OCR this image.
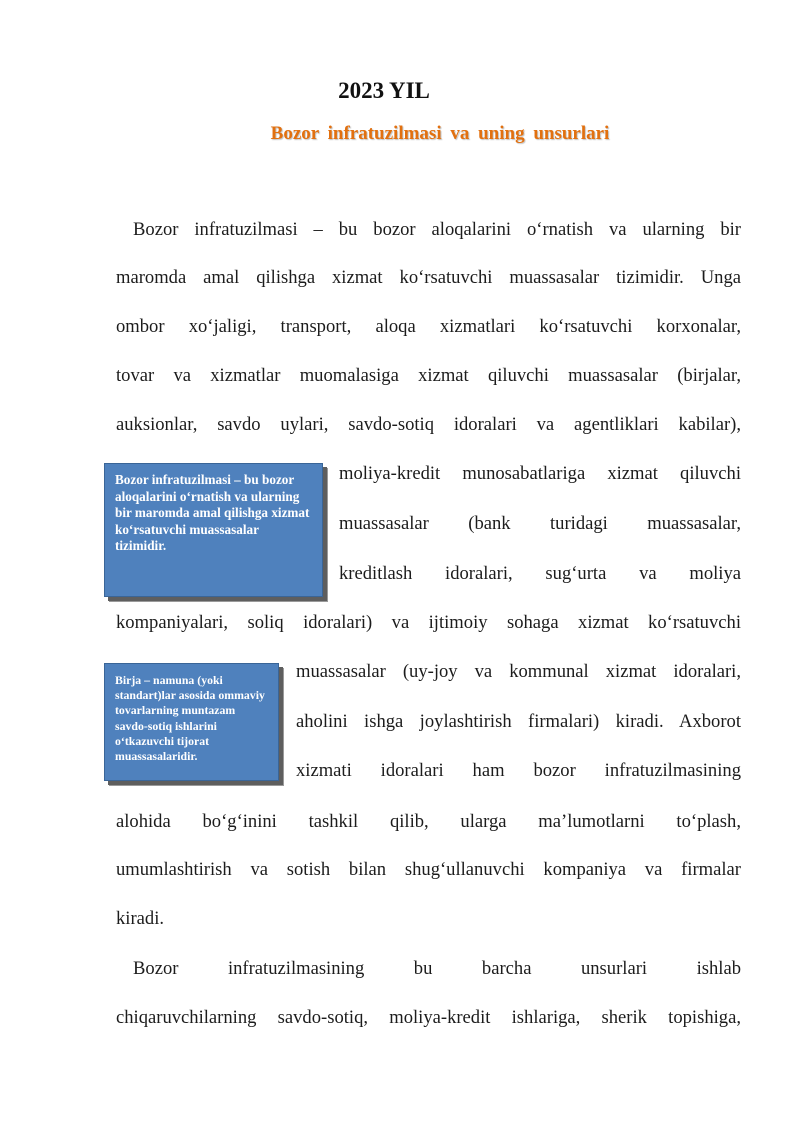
2023 YIL
Bozor infratuzilmasi va uning unsurlari
Bozor infratuzilmasi – bu bozor aloqalarini o‘rnatish va ularning bir
maromda amal qilishga xizmat ko‘rsatuvchi muassasalar tizimidir. Unga
ombor xo‘jaligi, transport, aloqa xizmatlari ko‘rsatuvchi korxonalar,
tovar va xizmatlar muomalasiga xizmat qiluvchi muassasalar (birjalar,
auksionlar, savdo uylari, savdo-sotiq idoralari va agentliklari kabilar),
moliya-kredit munosabatlariga xizmat qiluvchi
muassasalar (bank turidagi muassasalar,
kreditlash idoralari, sug‘urta va moliya
kompaniyalari, soliq idoralari) va ijtimoiy sohaga xizmat ko‘rsatuvchi
muassasalar (uy-joy va kommunal xizmat idoralari,
aholini ishga joylashtirish firmalari) kiradi. Axborot
xizmati idoralari ham bozor infratuzilmasining
alohida bo‘g‘inini tashkil qilib, ularga ma’lumotlarni to‘plash,
umumlashtirish va sotish bilan shug‘ullanuvchi kompaniya va firmalar
kiradi.
Bozor infratuzilmasining bu barcha unsurlari ishlab
chiqaruvchilarning savdo-sotiq, moliya-kredit ishlariga, sherik topishiga,
Bozor infratuzilmasi – bu bozor aloqalarini o‘rnatish va ularning bir maromda amal qilishga xizmat ko‘rsatuvchi muassasalar tizimidir.
Birja – namuna (yoki standart)lar asosida ommaviy tovarlarning muntazam savdo-sotiq ishlarini o‘tkazuvchi tijorat muassasalaridir.
